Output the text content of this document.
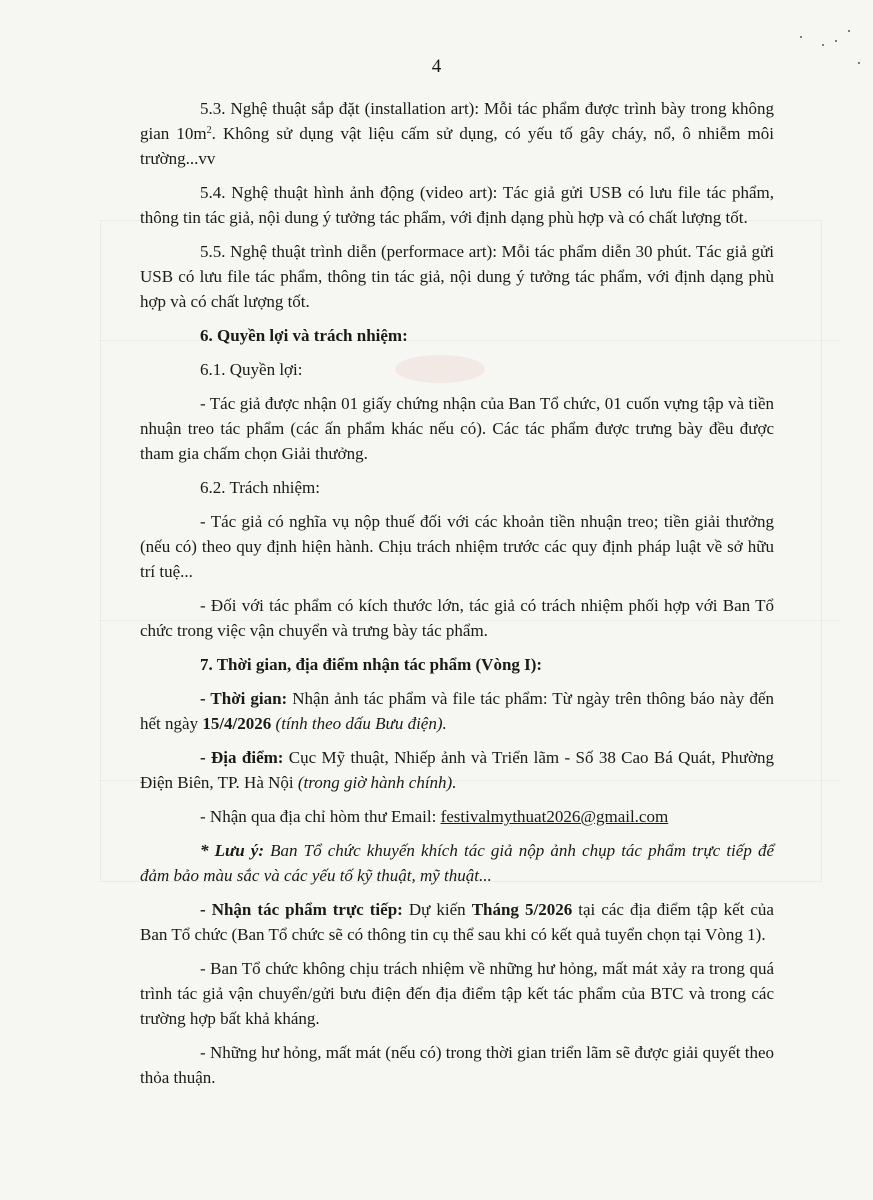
4

5.3. Nghệ thuật sắp đặt (installation art): Mỗi tác phẩm được trình bày trong không gian $10m^2$. Không sử dụng vật liệu cấm sử dụng, có yếu tố gây cháy, nổ, ô nhiễm môi trường...vv

5.4. Nghệ thuật hình ảnh động (video art): Tác giả gửi USB có lưu file tác phẩm, thông tin tác giả, nội dung ý tưởng tác phẩm, với định dạng phù hợp và có chất lượng tốt.

5.5. Nghệ thuật trình diễn (performace art): Mỗi tác phẩm diễn 30 phút. Tác giả gửi USB có lưu file tác phẩm, thông tin tác giả, nội dung ý tưởng tác phẩm, với định dạng phù hợp và có chất lượng tốt.

6. Quyền lợi và trách nhiệm:

6.1. Quyền lợi:

- Tác giả được nhận 01 giấy chứng nhận của Ban Tổ chức, 01 cuốn vựng tập và tiền nhuận treo tác phẩm (các ấn phẩm khác nếu có). Các tác phẩm được trưng bày đều được tham gia chấm chọn Giải thưởng.

6.2. Trách nhiệm:

- Tác giả có nghĩa vụ nộp thuế đối với các khoản tiền nhuận treo; tiền giải thưởng (nếu có) theo quy định hiện hành. Chịu trách nhiệm trước các quy định pháp luật về sở hữu trí tuệ...

- Đối với tác phẩm có kích thước lớn, tác giả có trách nhiệm phối hợp với Ban Tổ chức trong việc vận chuyển và trưng bày tác phẩm.

7. Thời gian, địa điểm nhận tác phẩm (Vòng I):

- Thời gian: Nhận ảnh tác phẩm và file tác phẩm: Từ ngày trên thông báo này đến hết ngày 15/4/2026 (tính theo dấu Bưu điện).

- Địa điểm: Cục Mỹ thuật, Nhiếp ảnh và Triển lãm - Số 38 Cao Bá Quát, Phường Điện Biên, TP. Hà Nội (trong giờ hành chính).

- Nhận qua địa chỉ hòm thư Email: festivalmythuat2026@gmail.com

* Lưu ý: Ban Tổ chức khuyến khích tác giả nộp ảnh chụp tác phẩm trực tiếp để đảm bảo màu sắc và các yếu tố kỹ thuật, mỹ thuật...

- Nhận tác phẩm trực tiếp: Dự kiến Tháng 5/2026 tại các địa điểm tập kết của Ban Tổ chức (Ban Tổ chức sẽ có thông tin cụ thể sau khi có kết quả tuyển chọn tại Vòng 1).

- Ban Tổ chức không chịu trách nhiệm về những hư hỏng, mất mát xảy ra trong quá trình tác giả vận chuyển/gửi bưu điện đến địa điểm tập kết tác phẩm của BTC và trong các trường hợp bất khả kháng.

- Những hư hỏng, mất mát (nếu có) trong thời gian triển lãm sẽ được giải quyết theo thỏa thuận.
